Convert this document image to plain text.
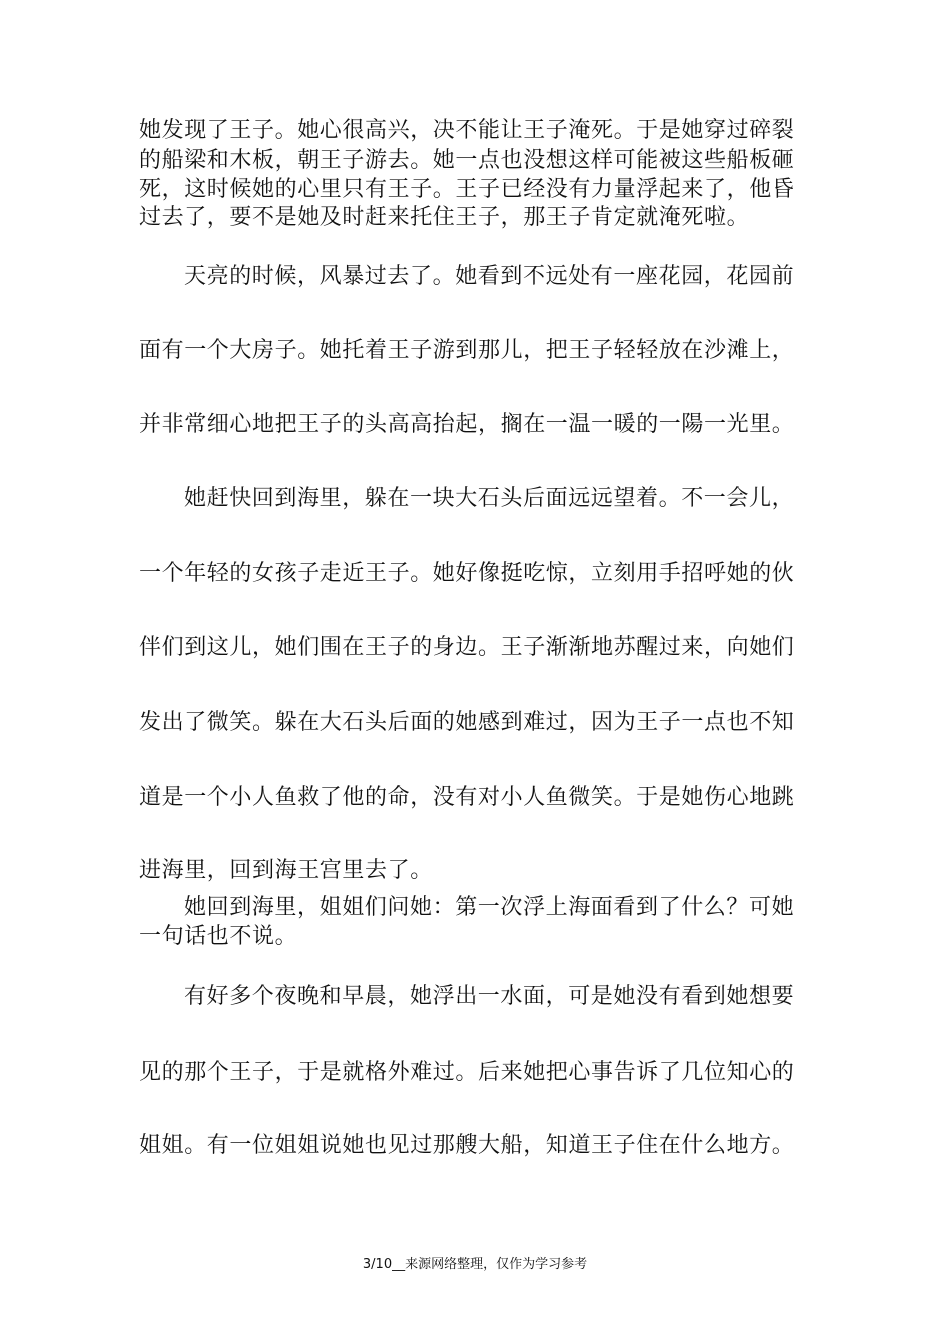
她发现了王子。她心很高兴，决不能让王子淹死。于是她穿过碎裂
的船梁和木板，朝王子游去。她一点也没想这样可能被这些船板砸
死，这时候她的心里只有王子。王子已经没有力量浮起来了，他昏
过去了，要不是她及时赶来托住王子，那王子肯定就淹死啦。
天亮的时候，风暴过去了。她看到不远处有一座花园，花园前
面有一个大房子。她托着王子游到那儿，把王子轻轻放在沙滩上，
并非常细心地把王子的头高高抬起，搁在一温一暖的一陽一光里。
她赶快回到海里，躲在一块大石头后面远远望着。不一会儿，
一个年轻的女孩子走近王子。她好像挺吃惊，立刻用手招呼她的伙
伴们到这儿，她们围在王子的身边。王子渐渐地苏醒过来，向她们
发出了微笑。躲在大石头后面的她感到难过，因为王子一点也不知
道是一个小人鱼救了他的命，没有对小人鱼微笑。于是她伤心地跳
进海里，回到海王宫里去了。
她回到海里，姐姐们问她：第一次浮上海面看到了什么？可她
一句话也不说。
有好多个夜晚和早晨，她浮出一水面，可是她没有看到她想要
见的那个王子，于是就格外难过。后来她把心事告诉了几位知心的
姐姐。有一位姐姐说她也见过那艘大船，知道王子住在什么地方。
3/10__来源网络整理，仅作为学习参考
